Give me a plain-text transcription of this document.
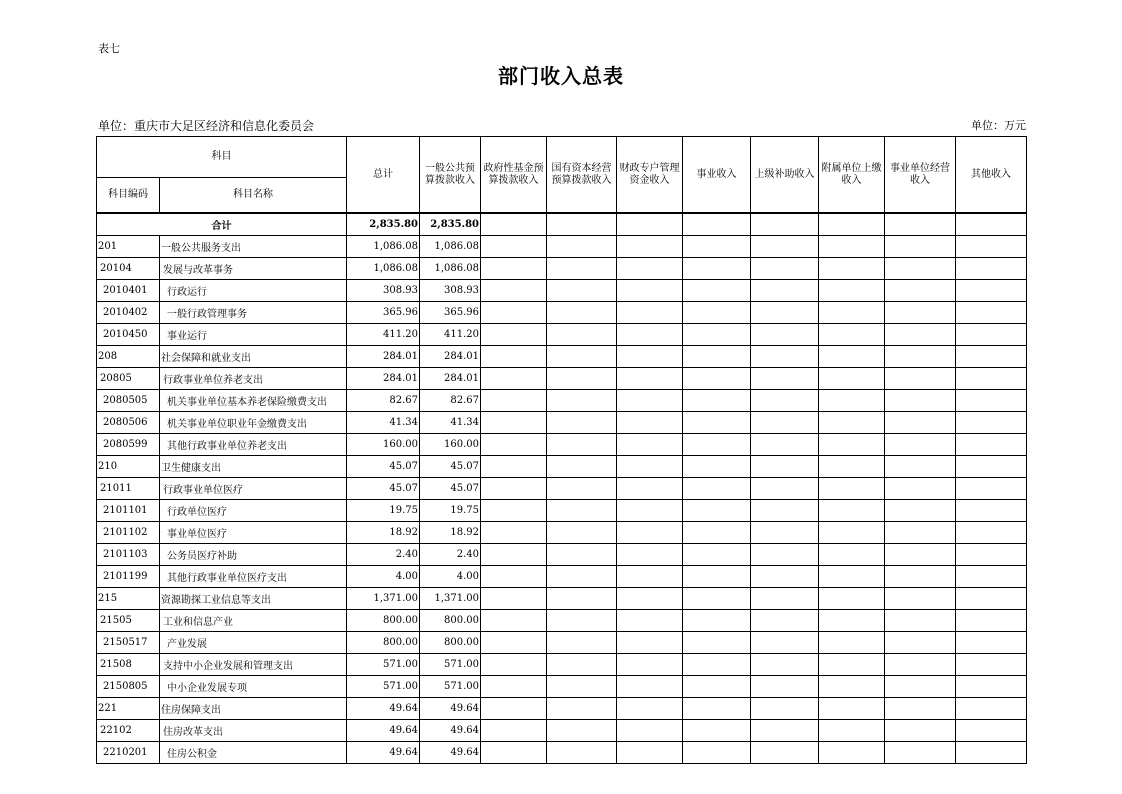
表七
部门收入总表
单位：重庆市大足区经济和信息化委员会	单位：万元
科目		总计	一般公共预算拨款收入	政府性基金预算拨款收入	国有资本经营预算拨款收入	财政专户管理资金收入	事业收入	上级补助收入	附属单位上缴收入	事业单位经营收入	其他收入
科目编码	科目名称										
合计		2,835.80	2,835.80								
201	一般公共服务支出	1,086.08	1,086.08								
20104	发展与改革事务	1,086.08	1,086.08								
2010401	行政运行	308.93	308.93								
2010402	一般行政管理事务	365.96	365.96								
2010450	事业运行	411.20	411.20								
208	社会保障和就业支出	284.01	284.01								
20805	行政事业单位养老支出	284.01	284.01								
2080505	机关事业单位基本养老保险缴费支出	82.67	82.67								
2080506	机关事业单位职业年金缴费支出	41.34	41.34								
2080599	其他行政事业单位养老支出	160.00	160.00								
210	卫生健康支出	45.07	45.07								
21011	行政事业单位医疗	45.07	45.07								
2101101	行政单位医疗	19.75	19.75								
2101102	事业单位医疗	18.92	18.92								
2101103	公务员医疗补助	2.40	2.40								
2101199	其他行政事业单位医疗支出	4.00	4.00								
215	资源勘探工业信息等支出	1,371.00	1,371.00								
21505	工业和信息产业	800.00	800.00								
2150517	产业发展	800.00	800.00								
21508	支持中小企业发展和管理支出	571.00	571.00								
2150805	中小企业发展专项	571.00	571.00								
221	住房保障支出	49.64	49.64								
22102	住房改革支出	49.64	49.64								
2210201	住房公积金	49.64	49.64								
